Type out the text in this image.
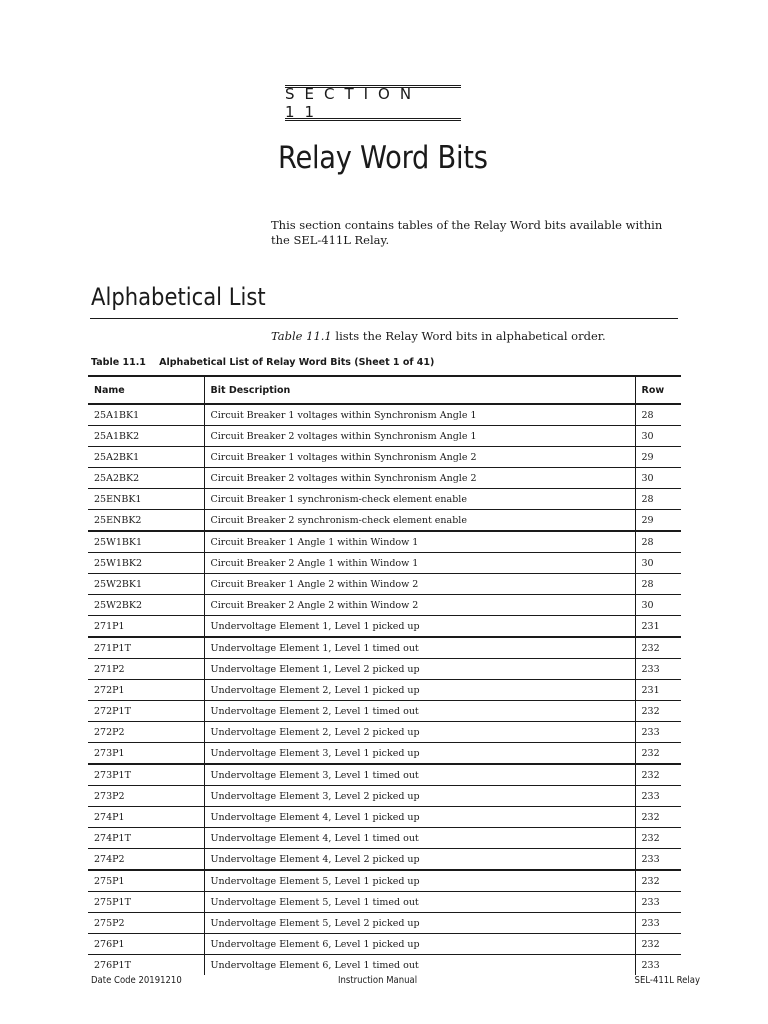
SECTION 11
Relay Word Bits

This section contains tables of the Relay Word bits available within the SEL-411L Relay.

Alphabetical List

Table 11.1 lists the Relay Word bits in alphabetical order.

Table 11.1    Alphabetical List of Relay Word Bits (Sheet 1 of 41)

Name	Bit Description	Row
25A1BK1	Circuit Breaker 1 voltages within Synchronism Angle 1	28
25A1BK2	Circuit Breaker 2 voltages within Synchronism Angle 1	30
25A2BK1	Circuit Breaker 1 voltages within Synchronism Angle 2	29
25A2BK2	Circuit Breaker 2 voltages within Synchronism Angle 2	30
25ENBK1	Circuit Breaker 1 synchronism-check element enable	28
25ENBK2	Circuit Breaker 2 synchronism-check element enable	29
25W1BK1	Circuit Breaker 1 Angle 1 within Window 1	28
25W1BK2	Circuit Breaker 2 Angle 1 within Window 1	30
25W2BK1	Circuit Breaker 1 Angle 2 within Window 2	28
25W2BK2	Circuit Breaker 2 Angle 2 within Window 2	30
271P1	Undervoltage Element 1, Level 1 picked up	231
271P1T	Undervoltage Element 1, Level 1 timed out	232
271P2	Undervoltage Element 1, Level 2 picked up	233
272P1	Undervoltage Element 2, Level 1 picked up	231
272P1T	Undervoltage Element 2, Level 1 timed out	232
272P2	Undervoltage Element 2, Level 2 picked up	233
273P1	Undervoltage Element 3, Level 1 picked up	232
273P1T	Undervoltage Element 3, Level 1 timed out	232
273P2	Undervoltage Element 3, Level 2 picked up	233
274P1	Undervoltage Element 4, Level 1 picked up	232
274P1T	Undervoltage Element 4, Level 1 timed out	232
274P2	Undervoltage Element 4, Level 2 picked up	233
275P1	Undervoltage Element 5, Level 1 picked up	232
275P1T	Undervoltage Element 5, Level 1 timed out	233
275P2	Undervoltage Element 5, Level 2 picked up	233
276P1	Undervoltage Element 6, Level 1 picked up	232
276P1T	Undervoltage Element 6, Level 1 timed out	233
Date Code 20191210	Instruction Manual	SEL-411L Relay
